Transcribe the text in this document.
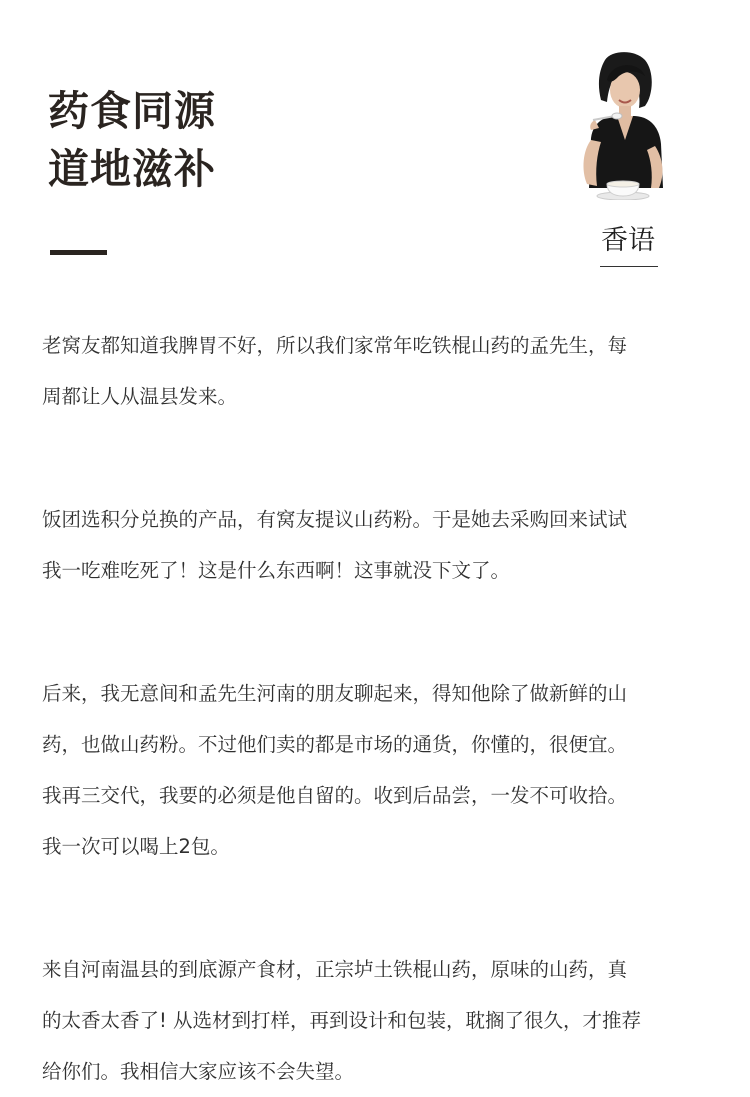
药食同源
道地滋补
香语

老窝友都知道我脾胃不好，所以我们家常年吃铁棍山药的孟先生，每
周都让人从温县发来。

饭团选积分兑换的产品，有窝友提议山药粉。于是她去采购回来试试
我一吃难吃死了！这是什么东西啊！这事就没下文了。

后来，我无意间和孟先生河南的朋友聊起来，得知他除了做新鲜的山
药，也做山药粉。不过他们卖的都是市场的通货，你懂的，很便宜。
我再三交代，我要的必须是他自留的。收到后品尝，一发不可收拾。
我一次可以喝上2包。

来自河南温县的到底源产食材，正宗垆土铁棍山药，原味的山药，真
的太香太香了! 从选材到打样，再到设计和包装，耽搁了很久，才推荐
给你们。我相信大家应该不会失望。
